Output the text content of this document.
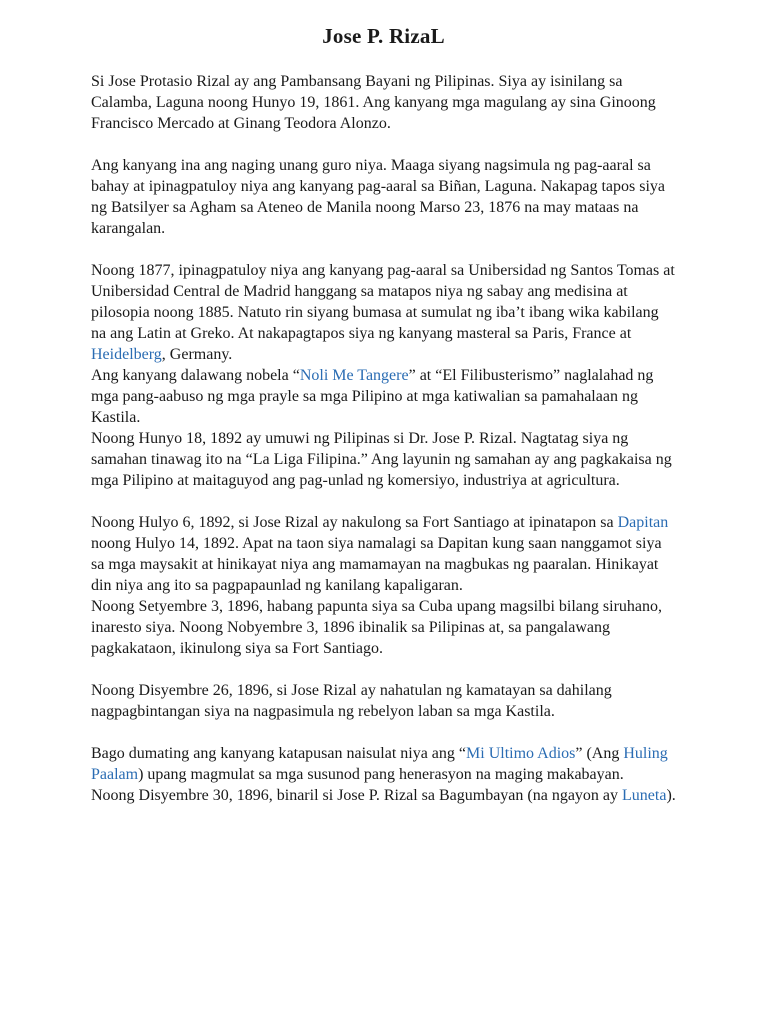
Jose P. RizaL

Si Jose Protasio Rizal ay ang Pambansang Bayani ng Pilipinas. Siya ay isinilang sa Calamba, Laguna noong Hunyo 19, 1861. Ang kanyang mga magulang ay sina Ginoong Francisco Mercado at Ginang Teodora Alonzo.

Ang kanyang ina ang naging unang guro niya. Maaga siyang nagsimula ng pag-aaral sa bahay at ipinagpatuloy niya ang kanyang pag-aaral sa Biñan, Laguna. Nakapag tapos siya ng Batsilyer sa Agham sa Ateneo de Manila noong Marso 23, 1876 na may mataas na karangalan.

Noong 1877, ipinagpatuloy niya ang kanyang pag-aaral sa Unibersidad ng Santos Tomas at Unibersidad Central de Madrid hanggang sa matapos niya ng sabay ang medisina at pilosopia noong 1885. Natuto rin siyang bumasa at sumulat ng iba’t ibang wika kabilang na ang Latin at Greko. At nakapagtapos siya ng kanyang masteral sa Paris, France at Heidelberg, Germany.

Ang kanyang dalawang nobela “Noli Me Tangere” at “El Filibusterismo” naglalahad ng mga pang-aabuso ng mga prayle sa mga Pilipino at mga katiwalian sa pamahalaan ng Kastila.

Noong Hunyo 18, 1892 ay umuwi ng Pilipinas si Dr. Jose P. Rizal. Nagtatag siya ng samahan tinawag ito na “La Liga Filipina.” Ang layunin ng samahan ay ang pagkakaisa ng mga Pilipino at maitaguyod ang pag-unlad ng komersiyo, industriya at agricultura.

Noong Hulyo 6, 1892, si Jose Rizal ay nakulong sa Fort Santiago at ipinatapon sa Dapitan noong Hulyo 14, 1892. Apat na taon siya namalagi sa Dapitan kung saan nanggamot siya sa mga maysakit at hinikayat niya ang mamamayan na magbukas ng paaralan. Hinikayat din niya ang ito sa pagpapaunlad ng kanilang kapaligaran.

Noong Setyembre 3, 1896, habang papunta siya sa Cuba upang magsilbi bilang siruhano, inaresto siya. Noong Nobyembre 3, 1896 ibinalik sa Pilipinas at, sa pangalawang pagkakataon, ikinulong siya sa Fort Santiago.

Noong Disyembre 26, 1896, si Jose Rizal ay nahatulan ng kamatayan sa dahilang nagpagbintangan siya na nagpasimula ng rebelyon laban sa mga Kastila.

Bago dumating ang kanyang katapusan naisulat niya ang “Mi Ultimo Adios” (Ang Huling Paalam) upang magmulat sa mga susunod pang henerasyon na maging makabayan.

Noong Disyembre 30, 1896, binaril si Jose P. Rizal sa Bagumbayan (na ngayon ay Luneta).
